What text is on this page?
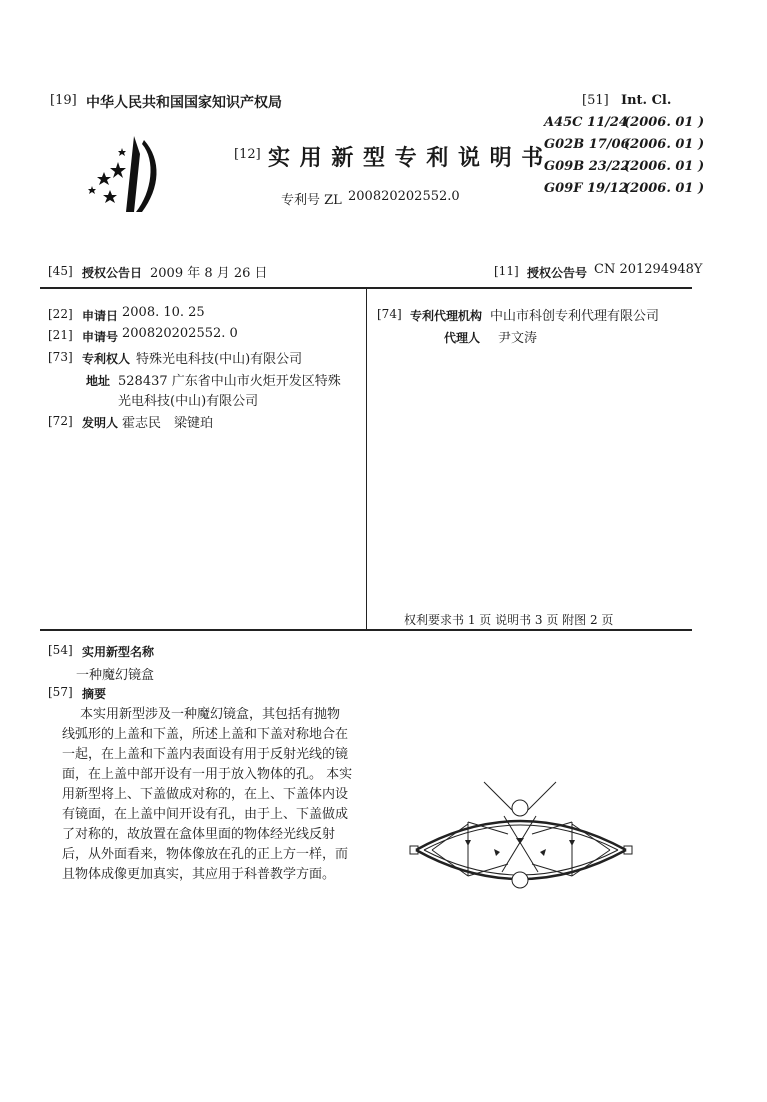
[19] 中华人民共和国国家知识产权局
[12] 实 用 新 型 专 利 说 明 书
专利号 ZL 200820202552.0
[51] Int. Cl.
A45C 11/24
(2006. 01 )
G02B 17/06
(2006. 01 )
G09B 23/22
(2006. 01 )
G09F 19/12
(2006. 01 )
[45] 授权公告日 2009 年 8 月 26 日	[11] 授权公告号 CN 201294948Y
[22] 申请日 2008. 10. 25
[21] 申请号 200820202552. 0
[73] 专利权人 特殊光电科技(中山)有限公司
地址 528437 广东省中山市火炬开发区特殊
光电科技(中山)有限公司
[72] 发明人 霍志民　梁键珀
[74] 专利代理机构 中山市科创专利代理有限公司
代理人 尹文涛
权利要求书 1 页 说明书 3 页 附图 2 页
[54] 实用新型名称
一种魔幻镜盒
[57] 摘要
本实用新型涉及一种魔幻镜盒，其包括有抛物
线弧形的上盖和下盖，所述上盖和下盖对称地合在
一起，在上盖和下盖内表面设有用于反射光线的镜
面，在上盖中部开设有一用于放入物体的孔。 本实
用新型将上、下盖做成对称的，在上、下盖体内设
有镜面，在上盖中间开设有孔，由于上、下盖做成
了对称的，故放置在盒体里面的物体经光线反射
后，从外面看来，物体像放在孔的正上方一样，而
且物体成像更加真实，其应用于科普教学方面。
